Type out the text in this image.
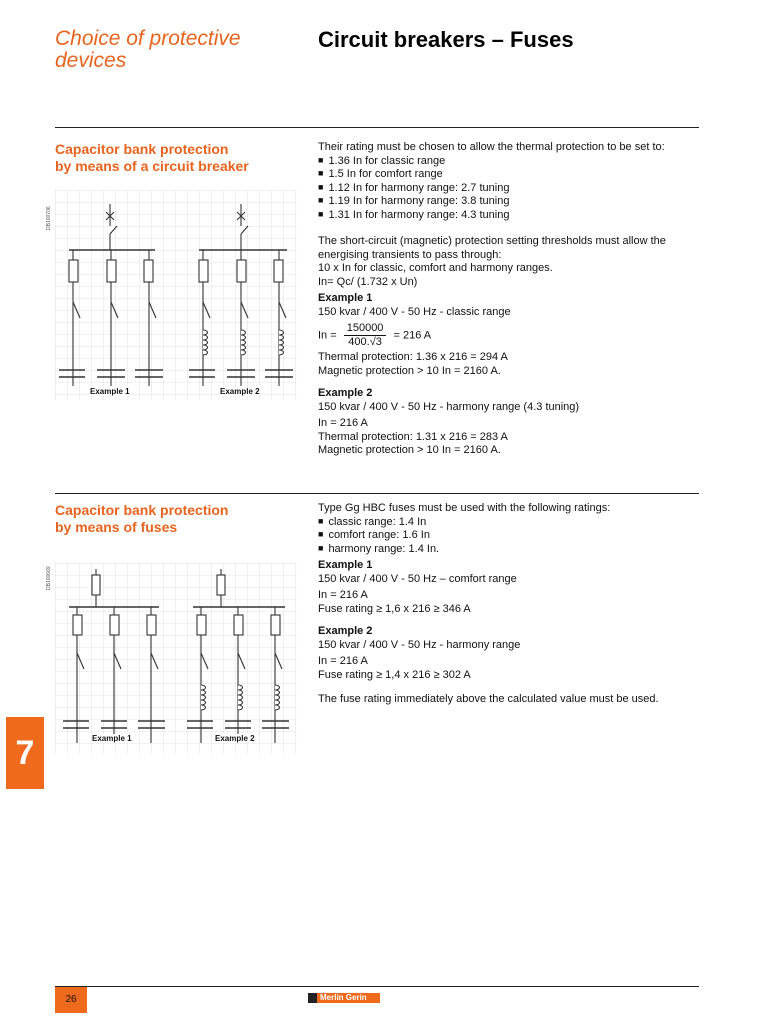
Choice of protective
devices
Circuit breakers – Fuses
Capacitor bank protection
by means of a circuit breaker
DB100706
Example 1	Example 2

Their rating must be chosen to allow the thermal protection to be set to:

■ 1.36 In for classic range

■ 1.5 In for comfort range

■ 1.12 In for harmony range: 2.7 tuning

■ 1.19 In for harmony range: 3.8 tuning

■ 1.31 In for harmony range: 4.3 tuning

The short-circuit (magnetic) protection setting thresholds must allow the energising transients to pass through:

10 x In for classic, comfort and harmony ranges.

In= Qc/ (1.732 x Un)

Example 1

150 kvar / 400 V - 50 Hz - classic range

$In = \frac{150000}{400.√3} = 216$ A

Thermal protection: 1.36 x 216 = 294 A

Magnetic protection > 10 In = 2160 A.

Example 2

150 kvar / 400 V - 50 Hz - harmony range (4.3 tuning)

In = 216 A

Thermal protection: 1.31 x 216 = 283 A

Magnetic protection > 10 In = 2160 A.

Capacitor bank protection
by means of fuses
DB100669
Example 1	Example 2

Type Gg HBC fuses must be used with the following ratings:

■ classic range: 1.4 In

■ comfort range: 1.6 In

■ harmony range: 1.4 In.

Example 1

150 kvar / 400 V - 50 Hz – comfort range

In = 216 A

Fuse rating ≥ 1,6 x 216 ≥ 346 A

Example 2

150 kvar / 400 V - 50 Hz - harmony range

In = 216 A

Fuse rating ≥ 1,4 x 216 ≥ 302 A

The fuse rating immediately above the calculated value must be used.

7
26	Merlin Gerin
